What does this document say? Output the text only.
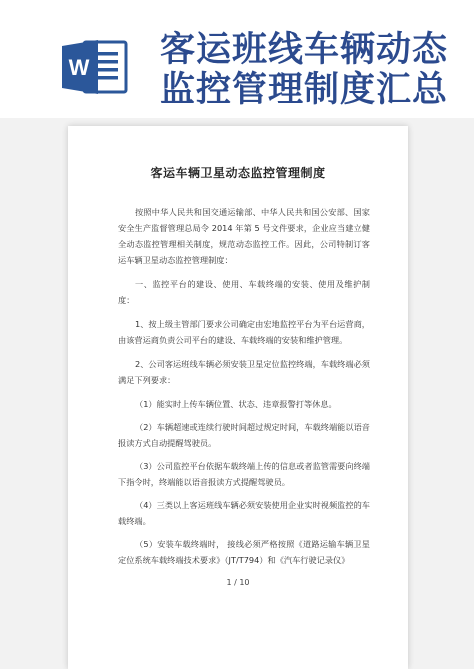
W 客运班线车辆动态
监控管理制度汇总
客运车辆卫星动态监控管理制度

按照中华人民共和国交通运输部、中华人民共和国公安部、国家安全生产监督管理总局令 2014 年第 5 号文件要求，企业应当建立健全动态监控管理相关制度，规范动态监控工作。因此，公司特制订客运车辆卫星动态监控管理制度：

一、监控平台的建设、使用、车载终端的安装、使用及维护制度：

1、按上级主管部门要求公司确定由宏地监控平台为平台运营商，由该营运商负责公司平台的建设、车载终端的安装和维护管理。

2、公司客运班线车辆必须安装卫星定位监控终端，车载终端必须满足下列要求：

（1）能实时上传车辆位置、状态、违章报警打等休息。

（2）车辆超速或连续行驶时间超过规定时间，车载终端能以语音报读方式自动提醒驾驶员。

（3）公司监控平台依据车载终端上传的信息或者监管需要向终端下指令时，终端能以语音报读方式提醒驾驶员。

（4）三类以上客运班线车辆必须安装使用企业实时视频监控的车载终端。

（5）安装车载终端时， 接线必须严格按照《道路运输车辆卫星定位系统车载终端技术要求》（JT/T794）和《汽车行驶记录仪》

1 / 10
